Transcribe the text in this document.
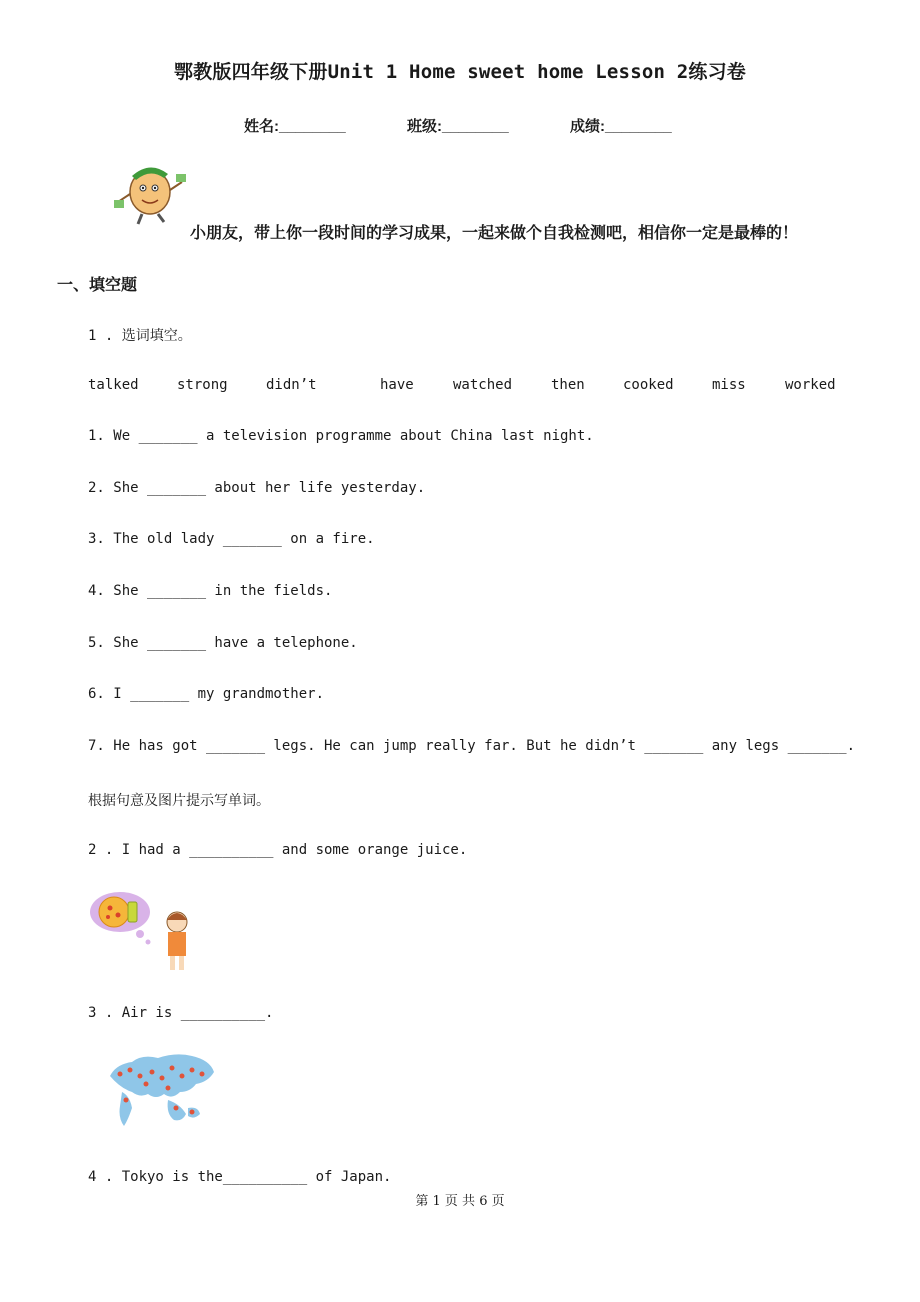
鄂教版四年级下册Unit 1 Home sweet home Lesson 2练习卷
姓名:________	班级:________	成绩:________
小朋友，带上你一段时间的学习成果，一起来做个自我检测吧，相信你一定是最棒的！
一、填空题
1 . 选词填空。
talked	strong	didn’t	have	watched	then	cooked	miss	worked
1. We _______ a television programme about China last night.
2. She _______ about her life yesterday.
3. The old lady _______ on a fire.
4. She _______ in the fields.
5. She _______ have a telephone.
6. I _______ my grandmother.
7. He has got _______ legs. He can jump really far. But he didn’t _______ any legs _______.
根据句意及图片提示写单词。
2 . I had a __________ and some orange juice.
3 . Air is __________.
4 . Tokyo is the__________ of Japan.
第 1 页 共 6 页
